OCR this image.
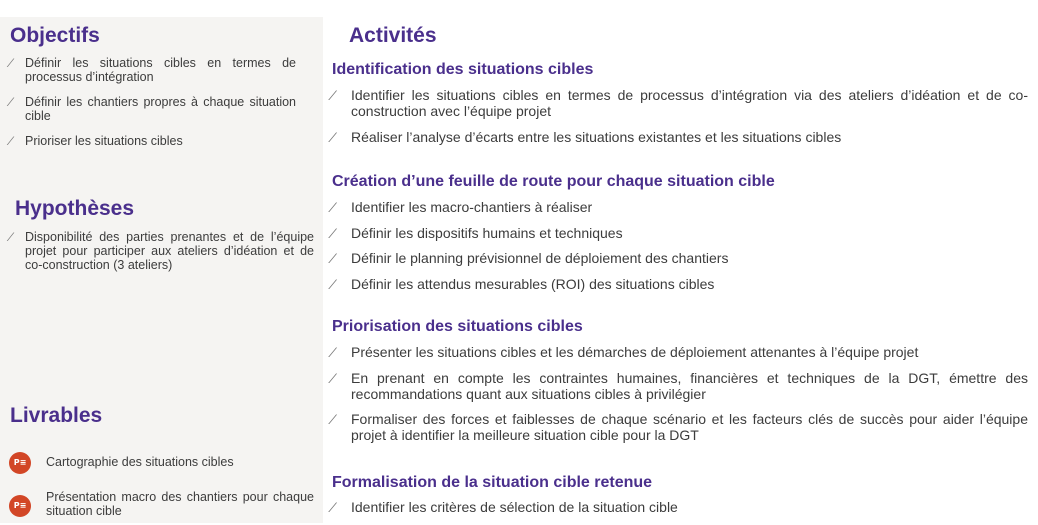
Objectifs
⁄ Définir les situations cibles en termes de processus d’intégration
⁄ Définir les chantiers propres à chaque situation cible
⁄ Prioriser les situations cibles
Hypothèses
⁄ Disponibilité des parties prenantes et de l’équipe projet pour participer aux ateliers d’idéation et de co-construction (3 ateliers)
Livrables
P≡	Cartographie des situations cibles
P≡
Présentation macro des chantiers pour chaque situation cible
Activités
Identification des situations cibles
⁄ Identifier les situations cibles en termes de processus d’intégration via des ateliers d’idéation et de co-construction avec l’équipe projet
⁄ Réaliser l’analyse d’écarts entre les situations existantes et les situations cibles
Création d’une feuille de route pour chaque situation cible
⁄ Identifier les macro-chantiers à réaliser
⁄ Définir les dispositifs humains et techniques
⁄ Définir le planning prévisionnel de déploiement des chantiers
⁄ Définir les attendus mesurables (ROI) des situations cibles
Priorisation des situations cibles
⁄ Présenter les situations cibles et les démarches de déploiement attenantes à l’équipe projet
⁄ En prenant en compte les contraintes humaines, financières et techniques de la DGT, émettre des recommandations quant aux situations cibles à privilégier
⁄ Formaliser des forces et faiblesses de chaque scénario et les facteurs clés de succès pour aider l’équipe projet à identifier la meilleure situation cible pour la DGT
Formalisation de la situation cible retenue
⁄ Identifier les critères de sélection de la situation cible
